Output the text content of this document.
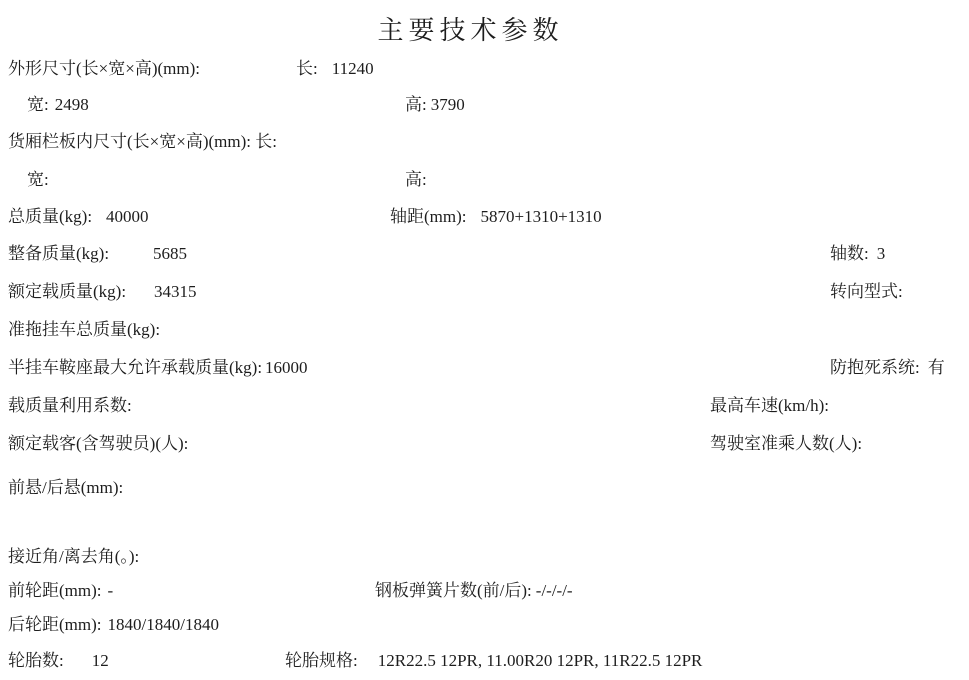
主要技术参数
外形尺寸(长×宽×高)(mm):	长: 11240
宽: 2498	高: 3790
货厢栏板内尺寸(长×宽×高)(mm): 长:
宽:	高:
总质量(kg): 40000	轴距(mm): 5870+1310+1310
整备质量(kg):	5685	轴数: 3
额定载质量(kg): 34315	转向型式:
准拖挂车总质量(kg):
半挂车鞍座最大允许承载质量(kg): 16000	防抱死系统: 有
载质量利用系数:	最高车速(km/h):
额定载客(含驾驶员)(人):	驾驶室准乘人数(人):
前悬/后悬(mm):
接近角/离去角(。):
前轮距(mm): -	钢板弹簧片数(前/后): -/-/-/-
后轮距(mm): 1840/1840/1840
轮胎数: 12	轮胎规格: 12R22.5 12PR, 11.00R20 12PR, 11R22.5 12PR
